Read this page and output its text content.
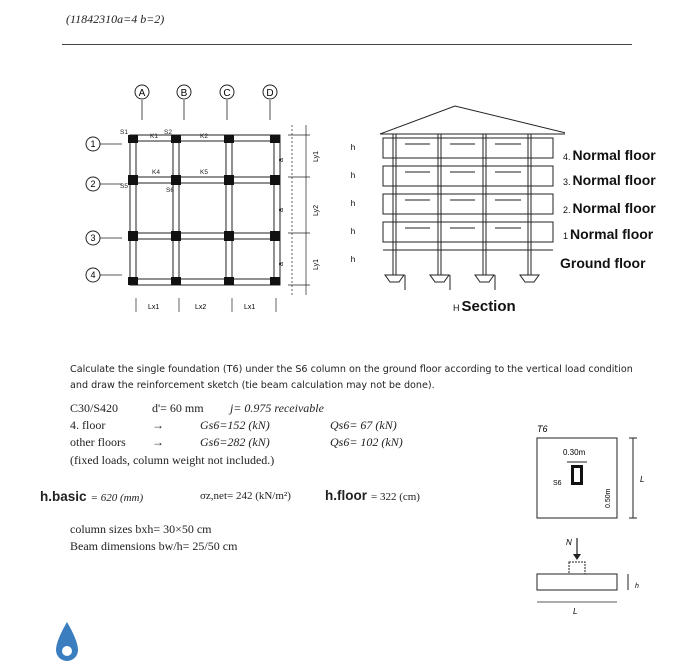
(11842310a=4 b=2)
A	B	C	D
1
2
3
4
S1
K1
S2
K2
K4	K5
S5
S6
a
a
a
Ly1
Ly2
Ly1
Lx1	Lx2	Lx1
h
h
h
h
h
4. Normal floor
3. Normal floor
2. Normal floor
1 Normal floor
Ground floor
H Section
Calculate the single foundation (T6) under the S6 column on the ground floor according to the vertical load condition and draw the reinforcement sketch (tie beam calculation may not be done).
C30/S420	d'= 60 mm j= 0.975 receivable
4. floor	→	Gs6=152 (kN)	Qs6= 67 (kN)
other floors →	Gs6=282 (kN)	Qs6= 102 (kN)
(fixed loads, column weight not included.)
h.basic = 620 (mm)	σz,net= 242 (kN/m²)	h.floor = 322 (cm)
column sizes bxh= 30×50 cm
Beam dimensions bw/h= 25/50 cm
T6
0.30m
S6
0.50m
L
N
h
L
